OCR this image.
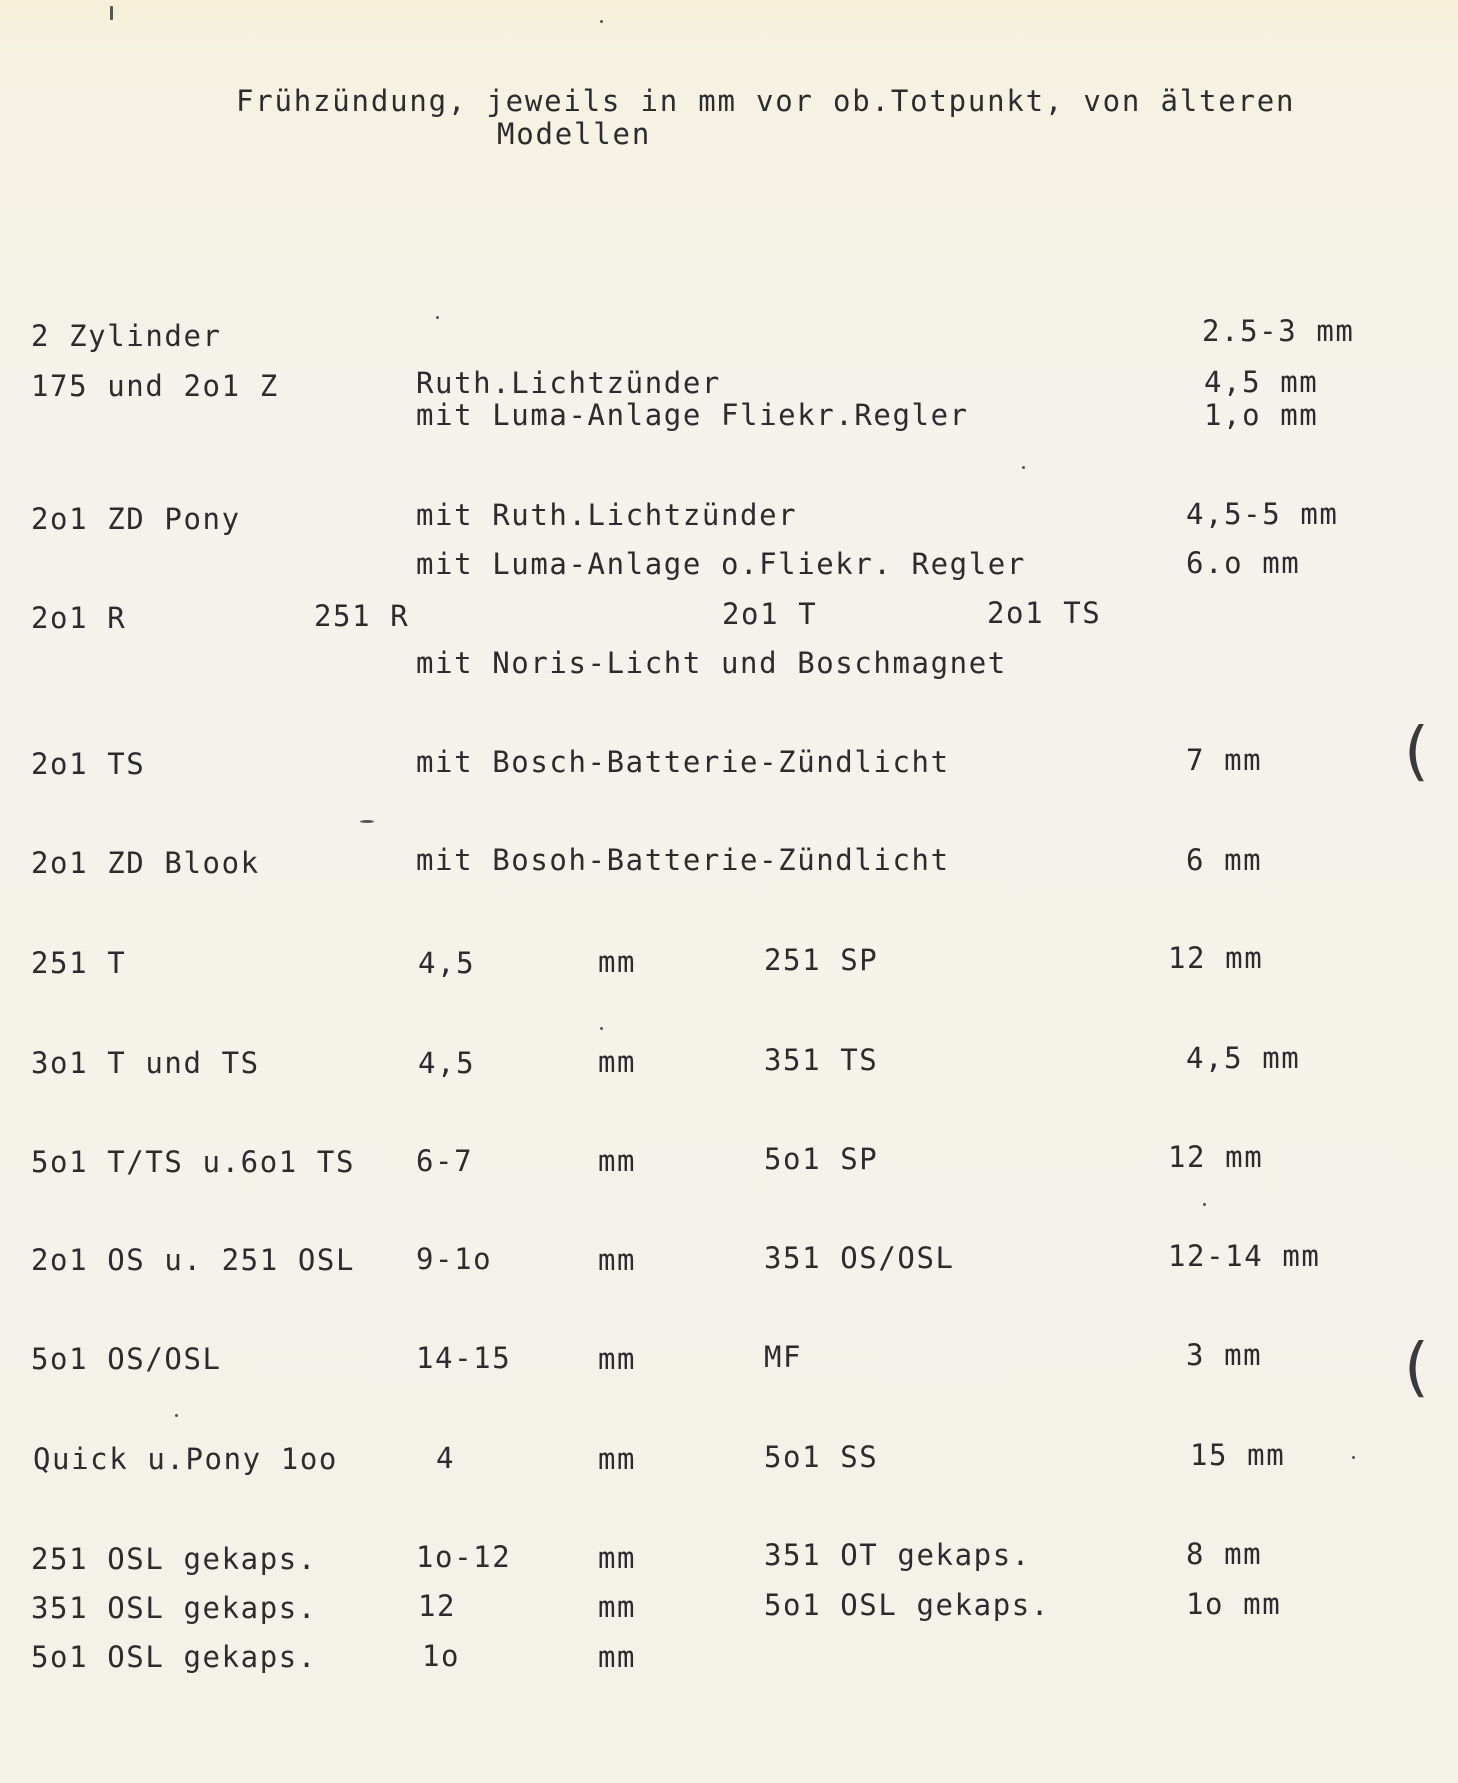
Frühzündung, jeweils in mm vor ob.Totpunkt, von älteren
Modellen
2 Zylinder	2.5-3 mm
175 und 2o1 Z	Ruth.Lichtzünder	4,5 mm
mit Luma-Anlage Fliekr.Regler	1,o mm
2o1 ZD Pony	mit Ruth.Lichtzünder	4,5-5 mm
mit Luma-Anlage o.Fliekr. Regler	6.o mm
2o1 R	251 R	2o1 T	2o1 TS
mit Noris-Licht und Boschmagnet
2o1 TS	mit Bosch-Batterie-Zündlicht	7 mm
2o1 ZD Blook	mit Bosoh-Batterie-Zündlicht	6 mm
251 T	4,5	mm	251 SP	12 mm
3o1 T und TS	4,5	mm	351 TS	4,5 mm
5o1 T/TS u.6o1 TS 6-7	mm	5o1 SP	12 mm
2o1 OS u. 251 OSL 9-1o	mm	351 OS/OSL	12-14 mm
5o1 OS/OSL	14-15	mm	MF	3 mm
Quick u.Pony 1oo	4	mm	5o1 SS	15 mm
251 OSL gekaps.	1o-12	mm	351 OT gekaps.	8 mm
351 OSL gekaps.	12	mm	5o1 OSL gekaps.	1o mm
5o1 OSL gekaps.	1o	mm
(
(
